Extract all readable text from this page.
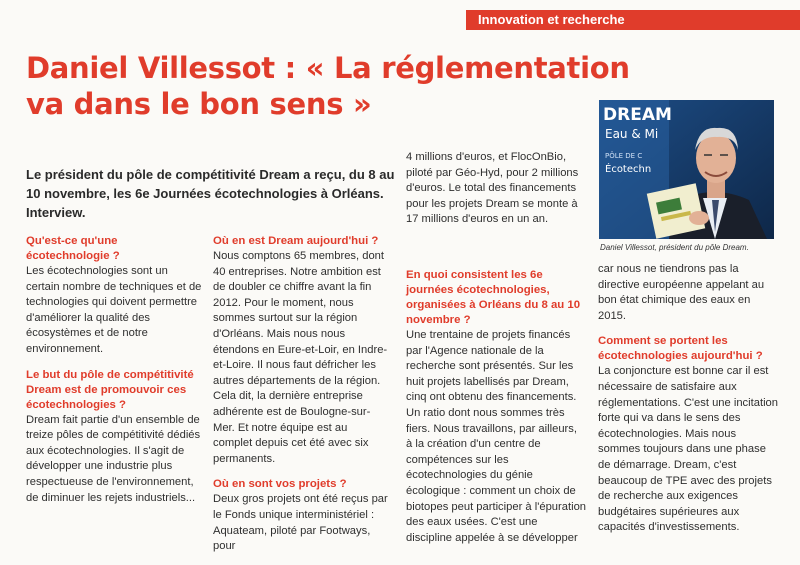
Innovation et recherche
Daniel Villessot : « La réglementation
va dans le bon sens »	DREAM
Eau & Mi
PÔLE DE C
Écotechn
Daniel Villessot, président du pôle Dream.
Le président du pôle de compétitivité Dream a reçu, du 8 au 10 novembre, les 6e Journées écotechnologies à Orléans. Interview.

Qu'est-ce qu'une écotechnologie ?

Les écotechnologies sont un certain nombre de techniques et de technologies qui doivent permettre d'améliorer la qualité des écosystèmes et de notre environnement.

Le but du pôle de compétitivité Dream est de promouvoir ces écotechnologies ?

Dream fait partie d'un ensemble de treize pôles de compétitivité dédiés aux écotechnologies. Il s'agit de développer une industrie plus respectueuse de l'environnement, de diminuer les rejets industriels...

Où en est Dream aujourd'hui ?

Nous comptons 65 membres, dont 40 entreprises. Notre ambition est de doubler ce chiffre avant la fin 2012. Pour le moment, nous sommes surtout sur la région d'Orléans. Mais nous nous étendons en Eure-et-Loir, en Indre-et-Loire. Il nous faut défricher les autres départements de la région. Cela dit, la dernière entreprise adhérente est de Boulogne-sur-Mer. Et notre équipe est au complet depuis cet été avec six permanents.

Où en sont vos projets ?

Deux gros projets ont été reçus par le Fonds unique interministériel : Aquateam, piloté par Footways, pour

4 millions d'euros, et FlocOnBio, piloté par Géo-Hyd, pour 2 millions d'euros. Le total des financements pour les projets Dream se monte à 17 millions d'euros en un an.

En quoi consistent les 6e journées écotechnologies, organisées à Orléans du 8 au 10 novembre ?

Une trentaine de projets financés par l'Agence nationale de la recherche sont présentés. Sur les huit projets labellisés par Dream, cinq ont obtenu des financements. Un ratio dont nous sommes très fiers. Nous travaillons, par ailleurs, à la création d'un centre de compétences sur les écotechnologies du génie écologique : comment un choix de biotopes peut participer à l'épuration des eaux usées. C'est une discipline appelée à se développer

car nous ne tiendrons pas la directive européenne appelant au bon état chimique des eaux en 2015.

Comment se portent les écotechnologies aujourd'hui ?

La conjoncture est bonne car il est nécessaire de satisfaire aux réglementations. C'est une incitation forte qui va dans le sens des écotechnologies. Mais nous sommes toujours dans une phase de démarrage. Dream, c'est beaucoup de TPE avec des projets de recherche aux exigences budgétaires supérieures aux capacités d'investissements.
